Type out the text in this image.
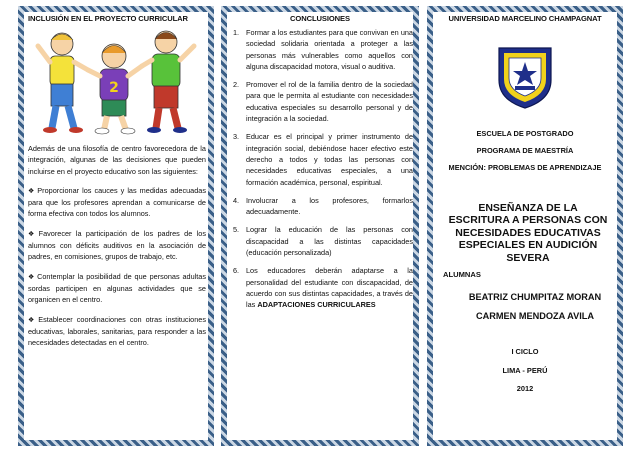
INCLUSIÓN EN EL PROYECTO CURRICULAR
2

Además de una filosofía de centro favorecedora de la integración, algunas de las decisiones que pueden incluirse en el proyecto educativo son las siguientes:

❖ Proporcionar los cauces y las medidas adecuadas para que los profesores aprendan a comunicarse de forma efectiva con todos los alumnos.

❖ Favorecer la participación de los padres de los alumnos con déficits auditivos en la asociación de padres, en comisiones, grupos de trabajo, etc.

❖ Contemplar la posibilidad de que personas adultas sordas participen en algunas actividades que se organicen en el centro.

❖ Establecer coordinaciones con otras instituciones educativas, laborales, sanitarias, para responder a las necesidades detectadas en el centro.

CONCLUSIONES
1. Formar a los estudiantes para que convivan en una sociedad solidaria orientada a proteger a las personas más vulnerables como aquellos con alguna discapacidad motora, visual o auditiva.
2. Promover el rol de la familia dentro de la sociedad para que le permita al estudiante con necesidades educativa especiales su desarrollo personal y de integración a la sociedad.
3. Educar es el principal y primer instrumento de integración social, debiéndose hacer efectivo este derecho a todos y todas las personas con necesidades educativas especiales, a una formación académica, personal, espiritual.
4. Involucrar a los profesores, formarlos adecuadamente.
5. Lograr la educación de las personas con discapacidad a las distintas capacidades (educación personalizada)
6. Los educadores deberán adaptarse a la personalidad del estudiante con discapacidad, de acuerdo con sus distintas capacidades, a través de las ADAPTACIONES CURRICULARES
UNIVERSIDAD MARCELINO CHAMPAGNAT
ESCUELA DE POSTGRADO
PROGRAMA DE MAESTRÍA
MENCIÓN: PROBLEMAS DE APRENDIZAJE
ENSEÑANZA DE LA ESCRITURA A PERSONAS CON NECESIDADES EDUCATIVAS ESPECIALES EN AUDICIÓN SEVERA
ALUMNAS
BEATRIZ CHUMPITAZ MORAN
CARMEN MENDOZA AVILA
I CICLO
LIMA - PERÚ
2012
